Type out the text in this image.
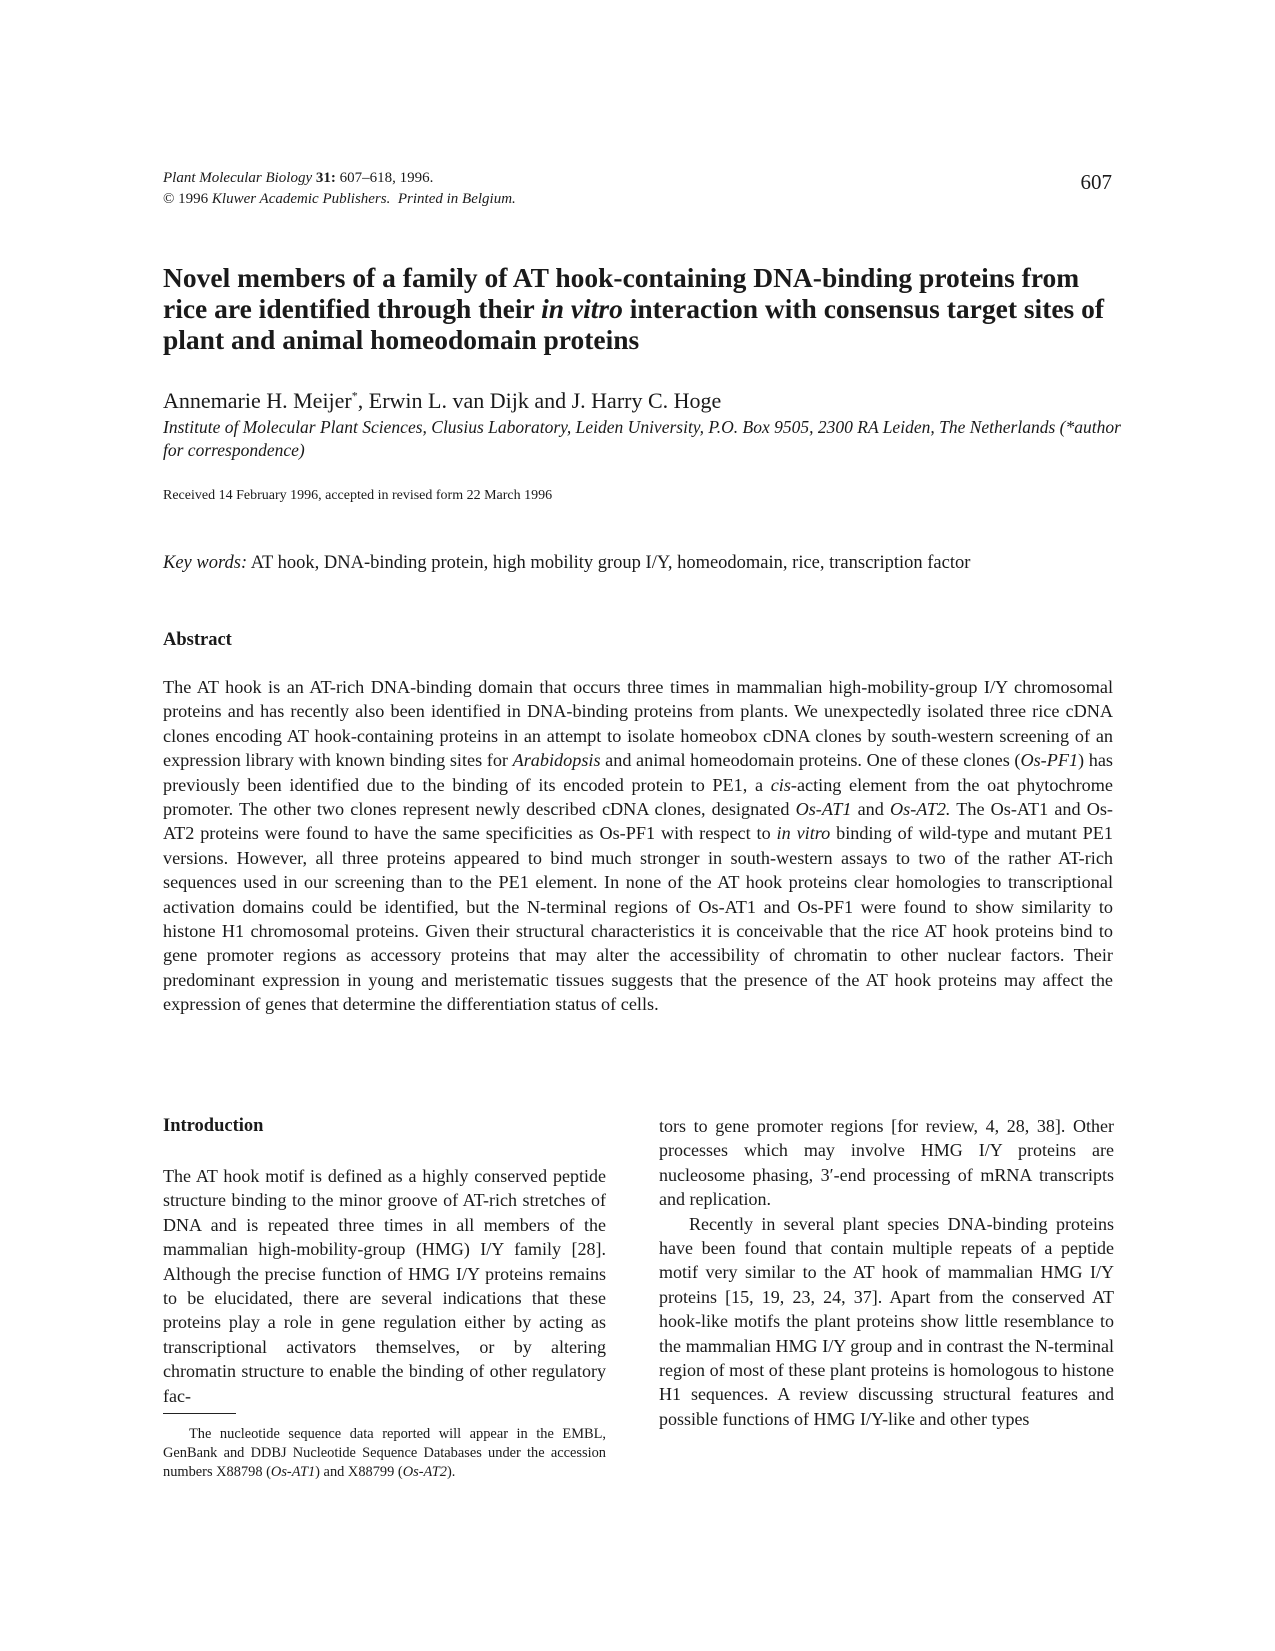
Plant Molecular Biology 31: 607–618, 1996.
© 1996 Kluwer Academic Publishers. Printed in Belgium.
607
Novel members of a family of AT hook-containing DNA-binding proteins from rice are identified through their in vitro interaction with consensus target sites of plant and animal homeodomain proteins
Annemarie H. Meijer*, Erwin L. van Dijk and J. Harry C. Hoge
Institute of Molecular Plant Sciences, Clusius Laboratory, Leiden University, P.O. Box 9505, 2300 RA Leiden, The Netherlands (*author for correspondence)
Received 14 February 1996, accepted in revised form 22 March 1996
Key words: AT hook, DNA-binding protein, high mobility group I/Y, homeodomain, rice, transcription factor
Abstract

The AT hook is an AT-rich DNA-binding domain that occurs three times in mammalian high-mobility-group I/Y chromosomal proteins and has recently also been identified in DNA-binding proteins from plants. We unexpectedly isolated three rice cDNA clones encoding AT hook-containing proteins in an attempt to isolate homeobox cDNA clones by south-western screening of an expression library with known binding sites for Arabidopsis and animal homeodomain proteins. One of these clones (Os-PF1) has previously been identified due to the binding of its encoded protein to PE1, a cis-acting element from the oat phytochrome promoter. The other two clones represent newly described cDNA clones, designated Os-AT1 and Os-AT2. The Os-AT1 and Os-AT2 proteins were found to have the same specificities as Os-PF1 with respect to in vitro binding of wild-type and mutant PE1 versions. However, all three proteins appeared to bind much stronger in south-western assays to two of the rather AT-rich sequences used in our screening than to the PE1 element. In none of the AT hook proteins clear homologies to transcriptional activation domains could be identified, but the N-terminal regions of Os-AT1 and Os-PF1 were found to show similarity to histone H1 chromosomal proteins. Given their structural characteristics it is conceivable that the rice AT hook proteins bind to gene promoter regions as accessory proteins that may alter the accessibility of chromatin to other nuclear factors. Their predominant expression in young and meristematic tissues suggests that the presence of the AT hook proteins may affect the expression of genes that determine the differentiation status of cells.

Introduction

The AT hook motif is defined as a highly conserved peptide structure binding to the minor groove of AT-rich stretches of DNA and is repeated three times in all members of the mammalian high-mobility-group (HMG) I/Y family [28]. Although the precise function of HMG I/Y proteins remains to be elucidated, there are several indications that these proteins play a role in gene regulation either by acting as transcriptional activators themselves, or by altering chromatin structure to enable the binding of other regulatory fac-

tors to gene promoter regions [for review, 4, 28, 38]. Other processes which may involve HMG I/Y proteins are nucleosome phasing, 3′-end processing of mRNA transcripts and replication.

Recently in several plant species DNA-binding proteins have been found that contain multiple repeats of a peptide motif very similar to the AT hook of mammalian HMG I/Y proteins [15, 19, 23, 24, 37]. Apart from the conserved AT hook-like motifs the plant proteins show little resemblance to the mammalian HMG I/Y group and in contrast the N-terminal region of most of these plant proteins is homologous to histone H1 sequences. A review discussing structural features and possible functions of HMG I/Y-like and other types

The nucleotide sequence data reported will appear in the EMBL, GenBank and DDBJ Nucleotide Sequence Databases under the accession numbers X88798 (Os-AT1) and X88799 (Os-AT2).
